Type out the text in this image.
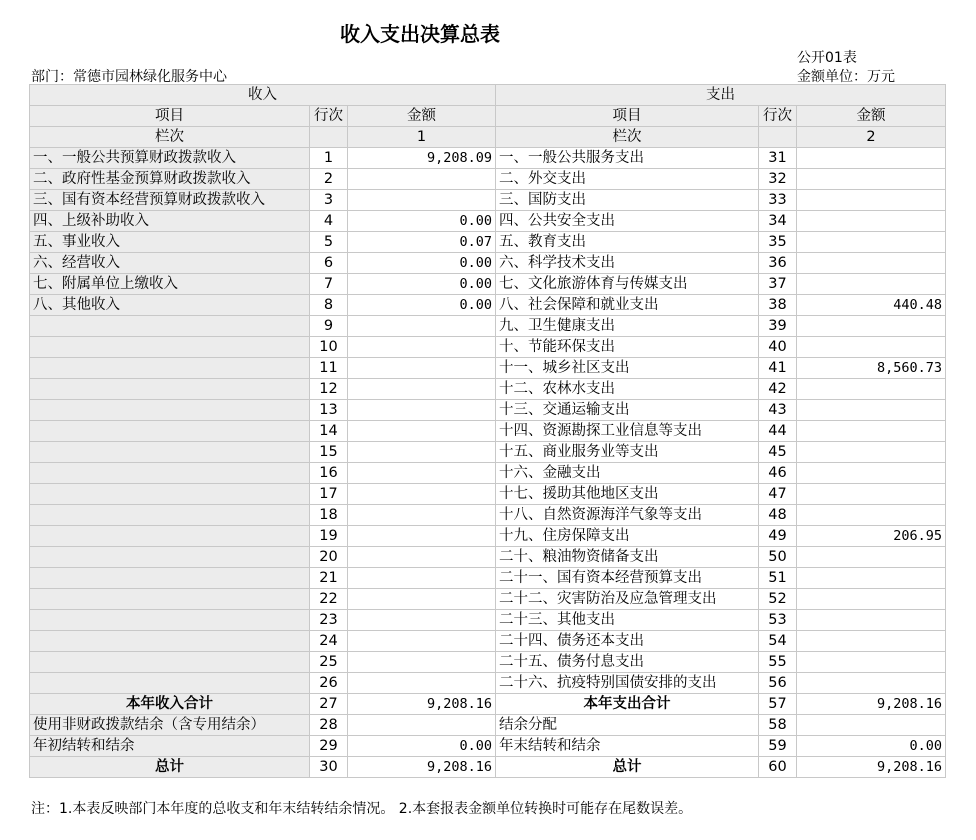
收入支出决算总表
公开01表
部门：常德市园林绿化服务中心	金额单位：万元
收入			支出		
项目	行次	金额	项目	行次	金额
栏次		1	栏次		2
一、一般公共预算财政拨款收入	1	9,208.09	一、一般公共服务支出	31	
二、政府性基金预算财政拨款收入	2		二、外交支出	32	
三、国有资本经营预算财政拨款收入	3		三、国防支出	33	
四、上级补助收入	4	0.00	四、公共安全支出	34	
五、事业收入	5	0.07	五、教育支出	35	
六、经营收入	6	0.00	六、科学技术支出	36	
七、附属单位上缴收入	7	0.00	七、文化旅游体育与传媒支出	37	
八、其他收入	8	0.00	八、社会保障和就业支出	38	440.48
	9		九、卫生健康支出	39	
	10		十、节能环保支出	40	
	11		十一、城乡社区支出	41	8,560.73
	12		十二、农林水支出	42	
	13		十三、交通运输支出	43	
	14		十四、资源勘探工业信息等支出	44	
	15		十五、商业服务业等支出	45	
	16		十六、金融支出	46	
	17		十七、援助其他地区支出	47	
	18		十八、自然资源海洋气象等支出	48	
	19		十九、住房保障支出	49	206.95
	20		二十、粮油物资储备支出	50	
	21		二十一、国有资本经营预算支出	51	
	22		二十二、灾害防治及应急管理支出	52	
	23		二十三、其他支出	53	
	24		二十四、债务还本支出	54	
	25		二十五、债务付息支出	55	
	26		二十六、抗疫特别国债安排的支出	56	
本年收入合计	27	9,208.16	本年支出合计	57	9,208.16
使用非财政拨款结余（含专用结余）	28		结余分配	58	
年初结转和结余	29	0.00	年末结转和结余	59	0.00
总计	30	9,208.16	总计	60	9,208.16
注：1.本表反映部门本年度的总收支和年末结转结余情况。 2.本套报表金额单位转换时可能存在尾数误差。
